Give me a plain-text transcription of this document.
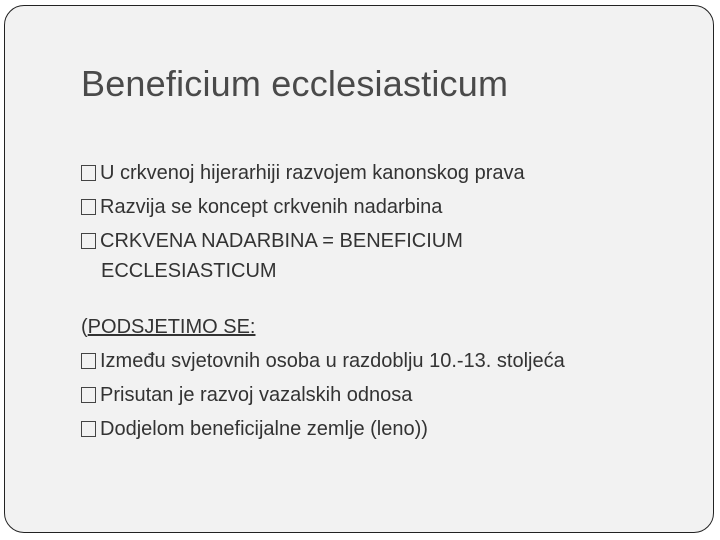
Beneficium ecclesiasticum
U crkvenoj hijerarhiji razvojem kanonskog prava
Razvija se koncept crkvenih nadarbina
CRKVENA NADARBINA = BENEFICIUM
ECCLESIASTICUM
(PODSJETIMO SE:
Između svjetovnih osoba u razdoblju 10.-13. stoljeća
Prisutan je razvoj vazalskih odnosa
Dodjelom beneficijalne zemlje (leno))
